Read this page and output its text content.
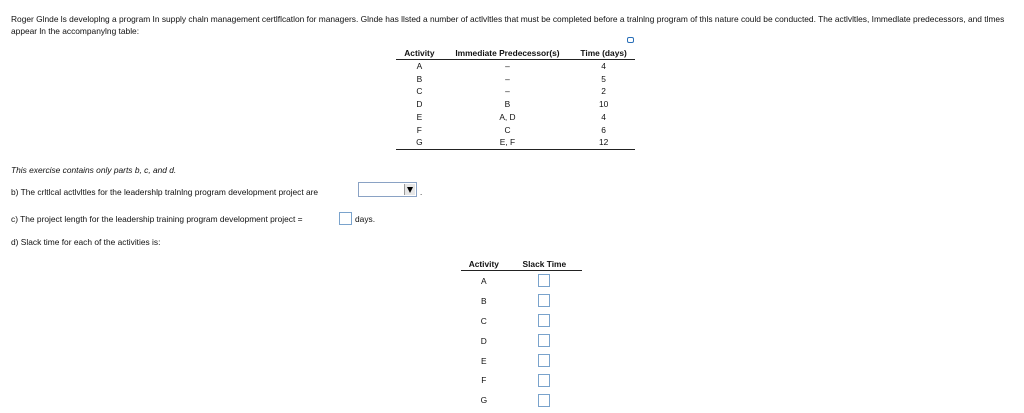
Roger Glnde ls developlng a program In supply chaln management certlflcatlon for managers. Glnde has llsted a number of actlvltles that must be completed before a tralnlng program of thls nature could be conducted. The actlvltles, Immedlate predecessors, and tlmes appear ln the accompanylng table:
Activity	Immediate Predecessor(s)	Time (days)
A	–	4
B	–	5
C	–	2
D	B	10
E	A, D	4
F	C	6
G	E, F	12
This exercise contains only parts b, c, and d.
b) The crltlcal actlvltles for the leadershlp tralnlng program development project are	.
c) The project length for the leadership training program development project =	days.
d) Slack time for each of the activities is:
Activity	Slack Time
A	
B	
C	
D	
E	
F	
G	
